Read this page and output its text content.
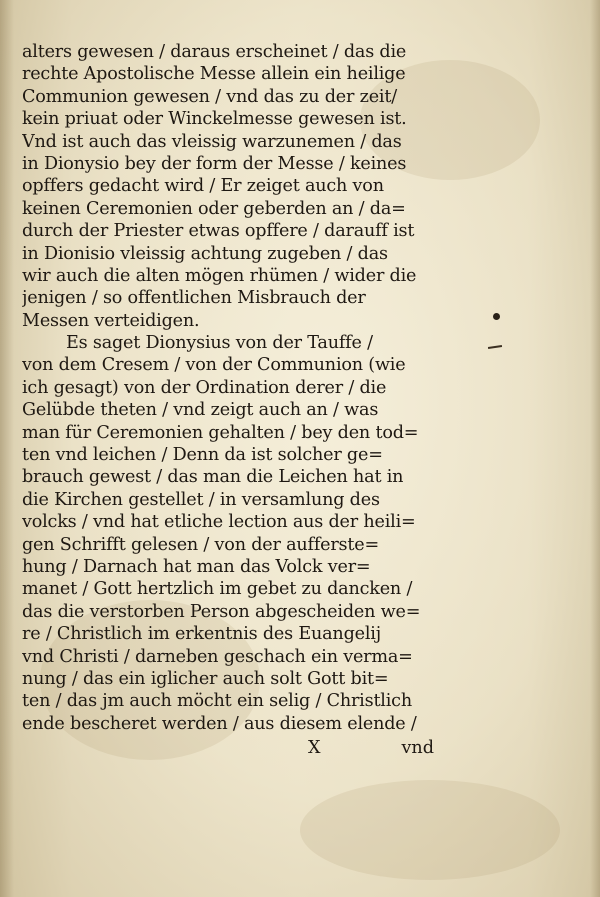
alters gewesen / daraus erscheinet / das die
rechte Apostolische Messe allein ein heilige
Communion gewesen / vnd das zu der zeit/
kein priuat oder Winckelmesse gewesen ist.
Vnd ist auch das vleissig warzunemen / das
in Dionysio bey der form der Messe / keines
opffers gedacht wird / Er zeiget auch von
keinen Ceremonien oder geberden an / da=
durch der Priester etwas opffere / darauff ist
in Dionisio vleissig achtung zugeben / das
wir auch die alten mögen rhümen / wider die
jenigen / so offentlichen Misbrauch der
Messen verteidigen.
Es saget Dionysius von der Tauffe /
von dem Cresem / von der Communion (wie
ich gesagt) von der Ordination derer / die
Gelübde theten / vnd zeigt auch an / was
man für Ceremonien gehalten / bey den tod=
ten vnd leichen / Denn da ist solcher ge=
brauch gewest / das man die Leichen hat in
die Kirchen gestellet / in versamlung des
volcks / vnd hat etliche lection aus der heili=
gen Schrifft gelesen / von der aufferste=
hung / Darnach hat man das Volck ver=
manet / Gott hertzlich im gebet zu dancken /
das die verstorben Person abgescheiden we=
re / Christlich im erkentnis des Euangelij
vnd Christi / darneben geschach ein verma=
nung / das ein iglicher auch solt Gott bit=
ten / das jm auch möcht ein selig / Christlich
ende bescheret werden / aus diesem elende /
X	vnd
